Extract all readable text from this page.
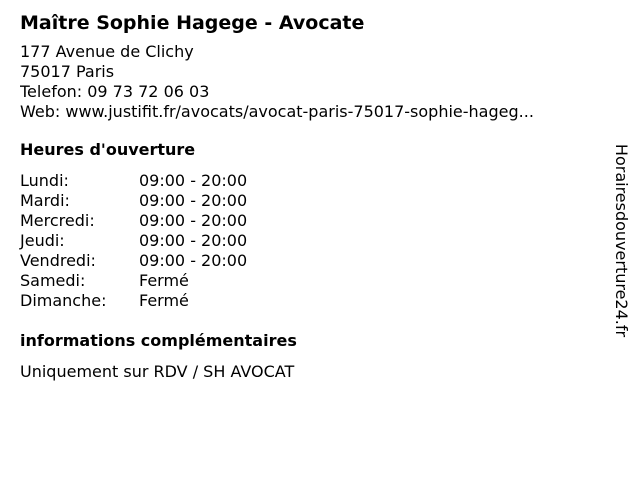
Maître Sophie Hagege - Avocate
177 Avenue de Clichy
75017 Paris
Telefon: 09 73 72 06 03
Web: www.justifit.fr/avocats/avocat-paris-75017-sophie-hageg...
Heures d'ouverture
Lundi:	09:00 - 20:00
Mardi:	09:00 - 20:00
Mercredi:	09:00 - 20:00
Jeudi:	09:00 - 20:00
Vendredi:	09:00 - 20:00
Samedi:	Fermé
Dimanche:	Fermé
informations complémentaires
Uniquement sur RDV / SH AVOCAT
Horairesdouverture24.fr
